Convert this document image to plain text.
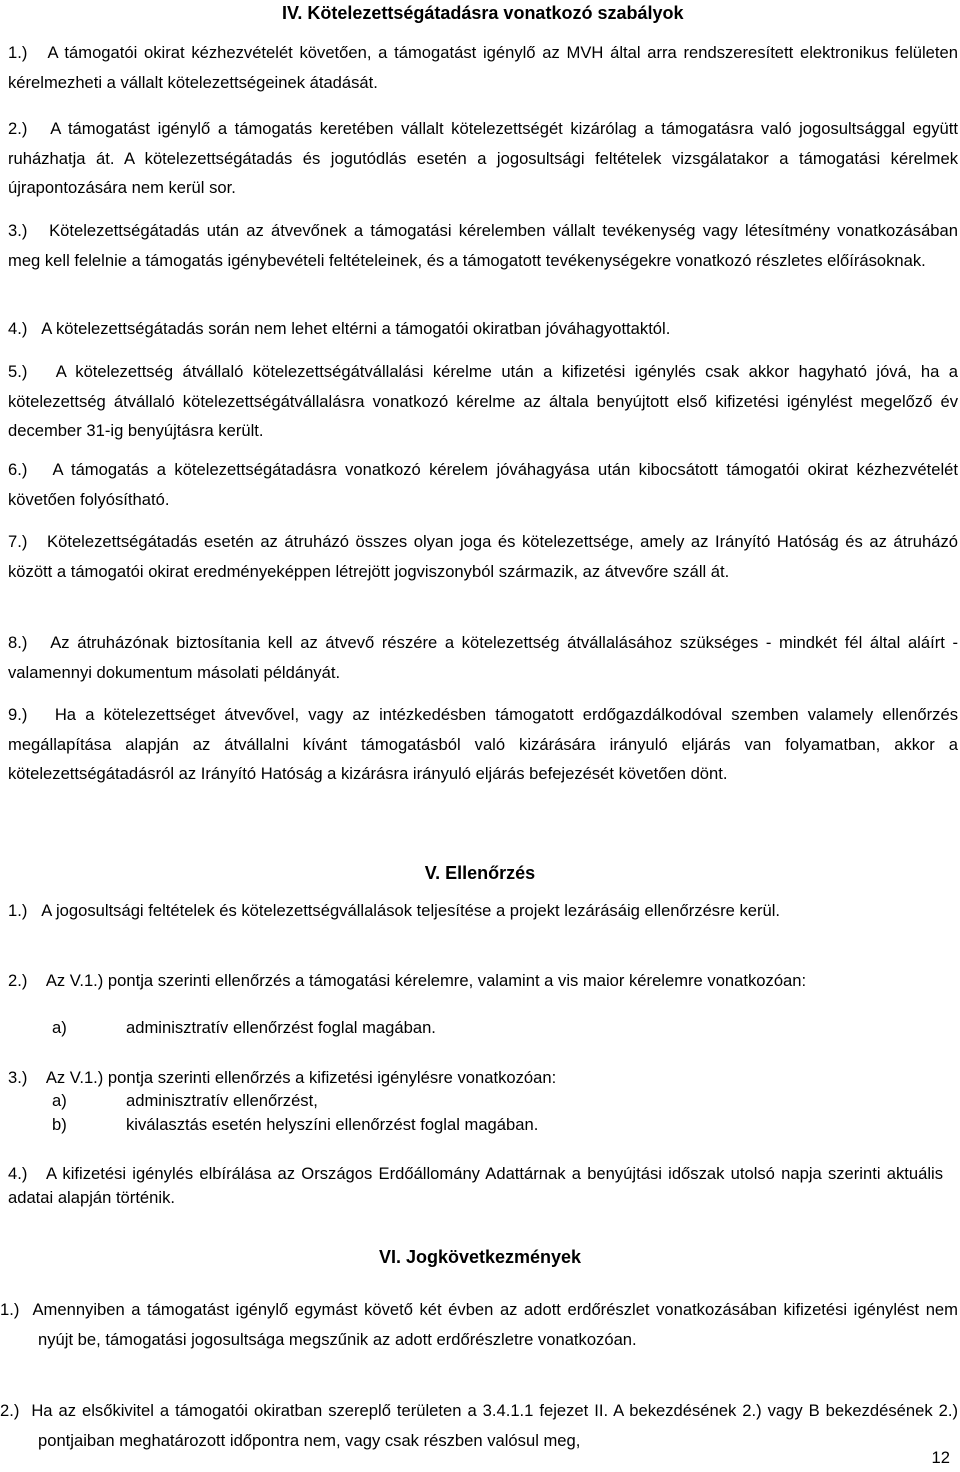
IV. Kötelezettségátadásra vonatkozó szabályok
1.) A támogatói okirat kézhezvételét követően, a támogatást igénylő az MVH által arra rendszeresített elektronikus felületen kérelmezheti a vállalt kötelezettségeinek átadását.
2.) A támogatást igénylő a támogatás keretében vállalt kötelezettségét kizárólag a támogatásra való jogosultsággal együtt ruházhatja át. A kötelezettségátadás és jogutódlás esetén a jogosultsági feltételek vizsgálatakor a támogatási kérelmek újrapontozására nem kerül sor.
3.) Kötelezettségátadás után az átvevőnek a támogatási kérelemben vállalt tevékenység vagy létesítmény vonatkozásában meg kell felelnie a támogatás igénybevételi feltételeinek, és a támogatott tevékenységekre vonatkozó részletes előírásoknak.
4.) A kötelezettségátadás során nem lehet eltérni a támogatói okiratban jóváhagyottaktól.
5.) A kötelezettség átvállaló kötelezettségátvállalási kérelme után a kifizetési igénylés csak akkor hagyható jóvá, ha a kötelezettség átvállaló kötelezettségátvállalásra vonatkozó kérelme az általa benyújtott első kifizetési igénylést megelőző év december 31-ig benyújtásra került.
6.) A támogatás a kötelezettségátadásra vonatkozó kérelem jóváhagyása után kibocsátott támogatói okirat kézhezvételét követően folyósítható.
7.) Kötelezettségátadás esetén az átruházó összes olyan joga és kötelezettsége, amely az Irányító Hatóság és az átruházó között a támogatói okirat eredményeképpen létrejött jogviszonyból származik, az átvevőre száll át.
8.) Az átruházónak biztosítania kell az átvevő részére a kötelezettség átvállalásához szükséges - mindkét fél által aláírt - valamennyi dokumentum másolati példányát.
9.) Ha a kötelezettséget átvevővel, vagy az intézkedésben támogatott erdőgazdálkodóval szemben valamely ellenőrzés megállapítása alapján az átvállalni kívánt támogatásból való kizárására irányuló eljárás van folyamatban, akkor a kötelezettségátadásról az Irányító Hatóság a kizárásra irányuló eljárás befejezését követően dönt.
V. Ellenőrzés
1.) A jogosultsági feltételek és kötelezettségvállalások teljesítése a projekt lezárásáig ellenőrzésre kerül.
2.) Az V.1.) pontja szerinti ellenőrzés a támogatási kérelemre, valamint a vis maior kérelemre vonatkozóan:
a)	adminisztratív ellenőrzést foglal magában.
3.) Az V.1.) pontja szerinti ellenőrzés a kifizetési igénylésre vonatkozóan:
a)	adminisztratív ellenőrzést,
b)	kiválasztás esetén helyszíni ellenőrzést foglal magában.
4.) A kifizetési igénylés elbírálása az Országos Erdőállomány Adattárnak a benyújtási időszak utolsó napja szerinti aktuális adatai alapján történik.
VI. Jogkövetkezmények
1.) Amennyiben a támogatást igénylő egymást követő két évben az adott erdőrészlet vonatkozásában kifizetési igénylést nem nyújt be, támogatási jogosultsága megszűnik az adott erdőrészletre vonatkozóan.
2.) Ha az elsőkivitel a támogatói okiratban szereplő területen a 3.4.1.1 fejezet II. A bekezdésének 2.) vagy B bekezdésének 2.) pontjaiban meghatározott időpontra nem, vagy csak részben valósul meg,
12
